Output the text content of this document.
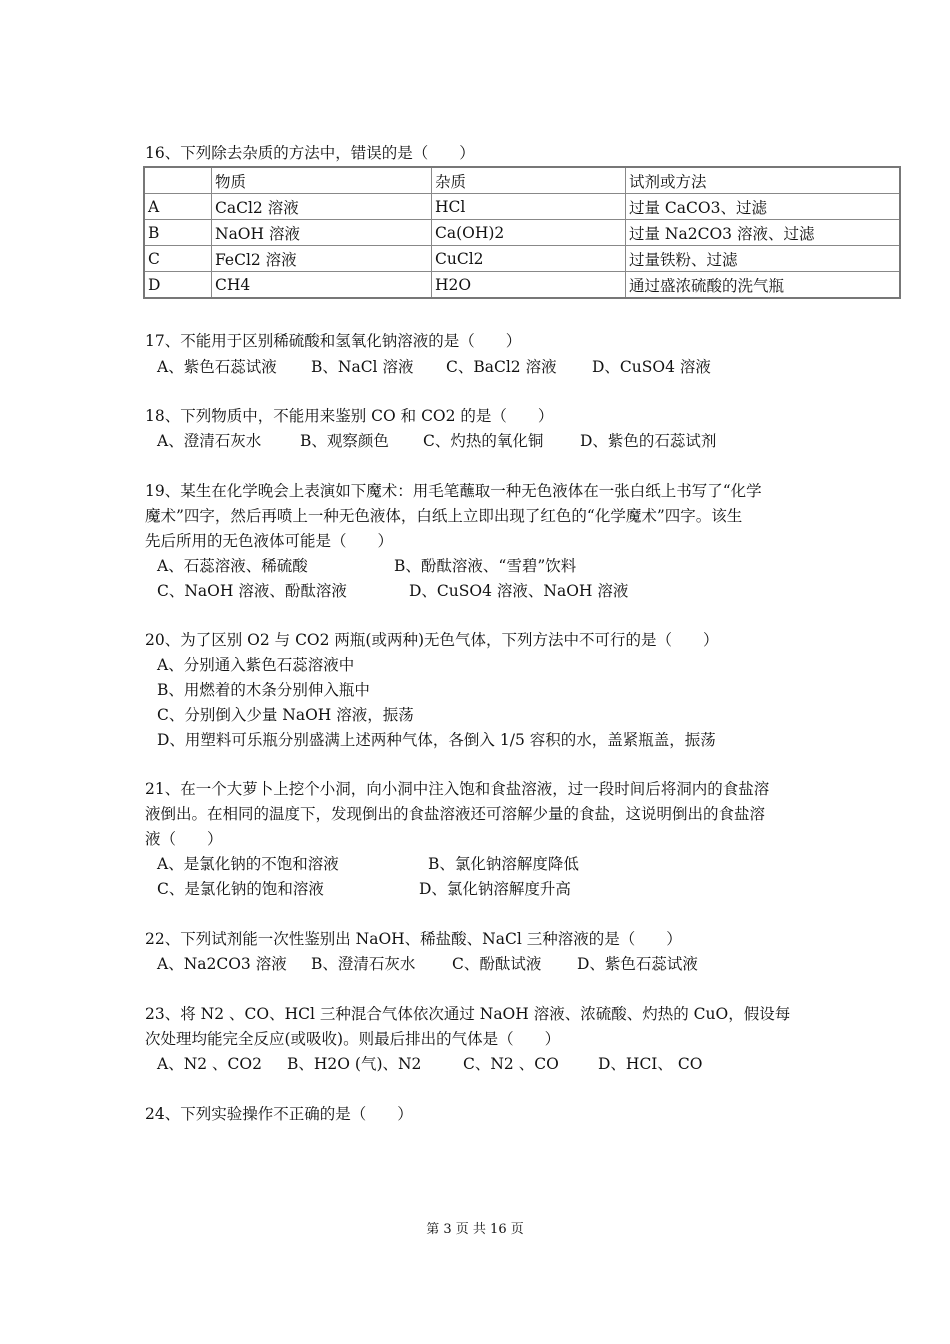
16、下列除去杂质的方法中，错误的是（　　）
	物质	杂质	试剂或方法
A	CaCl2 溶液	HCl	过量 CaCO3、过滤
B	NaOH 溶液	Ca(OH)2	过量 Na2CO3 溶液、过滤
C	FeCl2 溶液	CuCl2	过量铁粉、过滤
D	CH4	H2O	通过盛浓硫酸的洗气瓶
17、不能用于区别稀硫酸和氢氧化钠溶液的是（　　）
A、紫色石蕊试液 B、NaCl 溶液 C、BaCl2 溶液 D、CuSO4 溶液
18、下列物质中，不能用来鉴别 CO 和 CO2 的是（　　）
A、澄清石灰水	B、观察颜色 C、灼热的氧化铜 D、紫色的石蕊试剂
19、某生在化学晚会上表演如下魔术：用毛笔蘸取一种无色液体在一张白纸上书写了“化学
魔术”四字，然后再喷上一种无色液体，白纸上立即出现了红色的“化学魔术”四字。该生
先后所用的无色液体可能是（　　）
A、石蕊溶液、稀硫酸	B、酚酞溶液、“雪碧”饮料
C、NaOH 溶液、酚酞溶液	D、CuSO4 溶液、NaOH 溶液
20、为了区别 O2 与 CO2 两瓶(或两种)无色气体，下列方法中不可行的是（　　）
A、分别通入紫色石蕊溶液中
B、用燃着的木条分别伸入瓶中
C、分别倒入少量 NaOH 溶液，振荡
D、用塑料可乐瓶分别盛满上述两种气体，各倒入 1/5 容积的水，盖紧瓶盖，振荡
21、在一个大萝卜上挖个小洞，向小洞中注入饱和食盐溶液，过一段时间后将洞内的食盐溶
液倒出。在相同的温度下，发现倒出的食盐溶液还可溶解少量的食盐，这说明倒出的食盐溶
液（　　）
A、是氯化钠的不饱和溶液	B、氯化钠溶解度降低
C、是氯化钠的饱和溶液	D、氯化钠溶解度升高
22、下列试剂能一次性鉴别出 NaOH、稀盐酸、NaCl 三种溶液的是（　　）
A、Na2CO3 溶液 B、澄清石灰水 C、酚酞试液 D、紫色石蕊试液
23、将 N2 、CO、HCl 三种混合气体依次通过 NaOH 溶液、浓硫酸、灼热的 CuO，假设每
次处理均能完全反应(或吸收)。则最后排出的气体是（　　）
A、N2 、CO2 B、H2O (气)、N2	C、N2 、CO	D、HCI、 CO
24、下列实验操作不正确的是（　　）
第 3 页 共 16 页
